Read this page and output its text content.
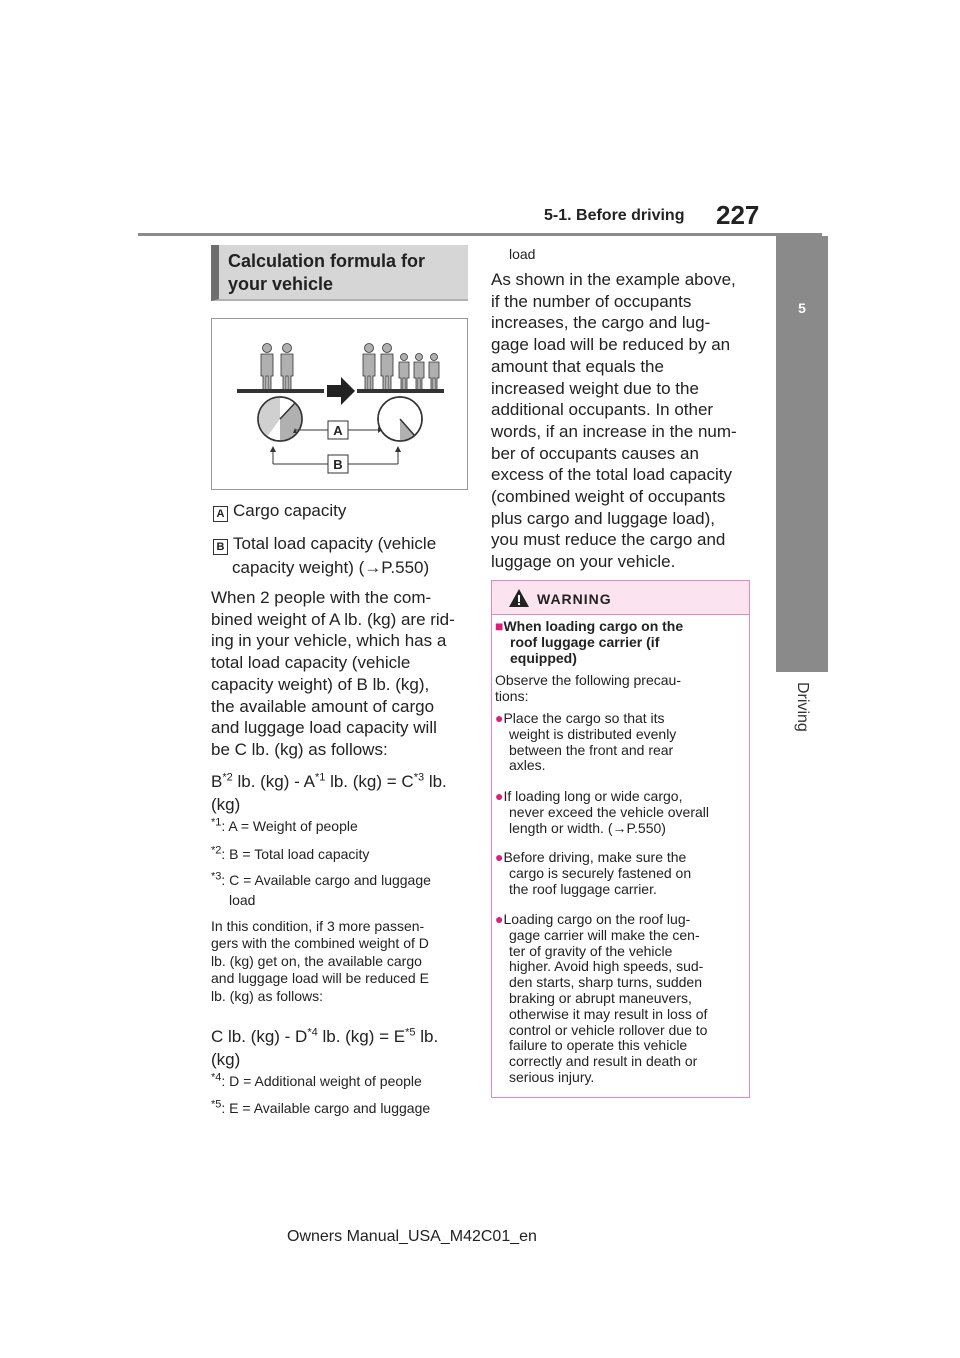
5-1. Before driving 227
5
Driving
Calculation formula for
your vehicle
A
B
A Cargo capacity
B Total load capacity (vehicle
capacity weight) (→P.550)
When 2 people with the com-
bined weight of A lb. (kg) are rid-
ing in your vehicle, which has a
total load capacity (vehicle
capacity weight) of B lb. (kg),
the available amount of cargo
and luggage load capacity will
be C lb. (kg) as follows:
$B^{*2}$ lb. $(kg) - A^{*1}$ lb. $(kg) = C^{*3}$ lb.
(kg)
$^{*1}$: A = Weight of people
$^{*2}$: B = Total load capacity
$^{*3}$: C = Available cargo and luggage
load
In this condition, if 3 more passen-
gers with the combined weight of D
lb. (kg) get on, the available cargo
and luggage load will be reduced E
lb. (kg) as follows:
C lb. $(kg) - D^{*4}$ lb. $(kg) = E^{*5}$ lb.
(kg)
$^{*4}$: D = Additional weight of people
$^{*5}$: E = Available cargo and luggage
load
As shown in the example above,
if the number of occupants
increases, the cargo and lug-
gage load will be reduced by an
amount that equals the
increased weight due to the
additional occupants. In other
words, if an increase in the num-
ber of occupants causes an
excess of the total load capacity
(combined weight of occupants
plus cargo and luggage load),
you must reduce the cargo and
luggage on your vehicle.
WARNING
■When loading cargo on the
roof luggage carrier (if
equipped)
Observe the following precau-
tions:
●Place the cargo so that its
weight is distributed evenly
between the front and rear
axles.
●If loading long or wide cargo,
never exceed the vehicle overall
length or width. (→P.550)
●Before driving, make sure the
cargo is securely fastened on
the roof luggage carrier.
●Loading cargo on the roof lug-
gage carrier will make the cen-
ter of gravity of the vehicle
higher. Avoid high speeds, sud-
den starts, sharp turns, sudden
braking or abrupt maneuvers,
otherwise it may result in loss of
control or vehicle rollover due to
failure to operate this vehicle
correctly and result in death or
serious injury.
Owners Manual_USA_M42C01_en
